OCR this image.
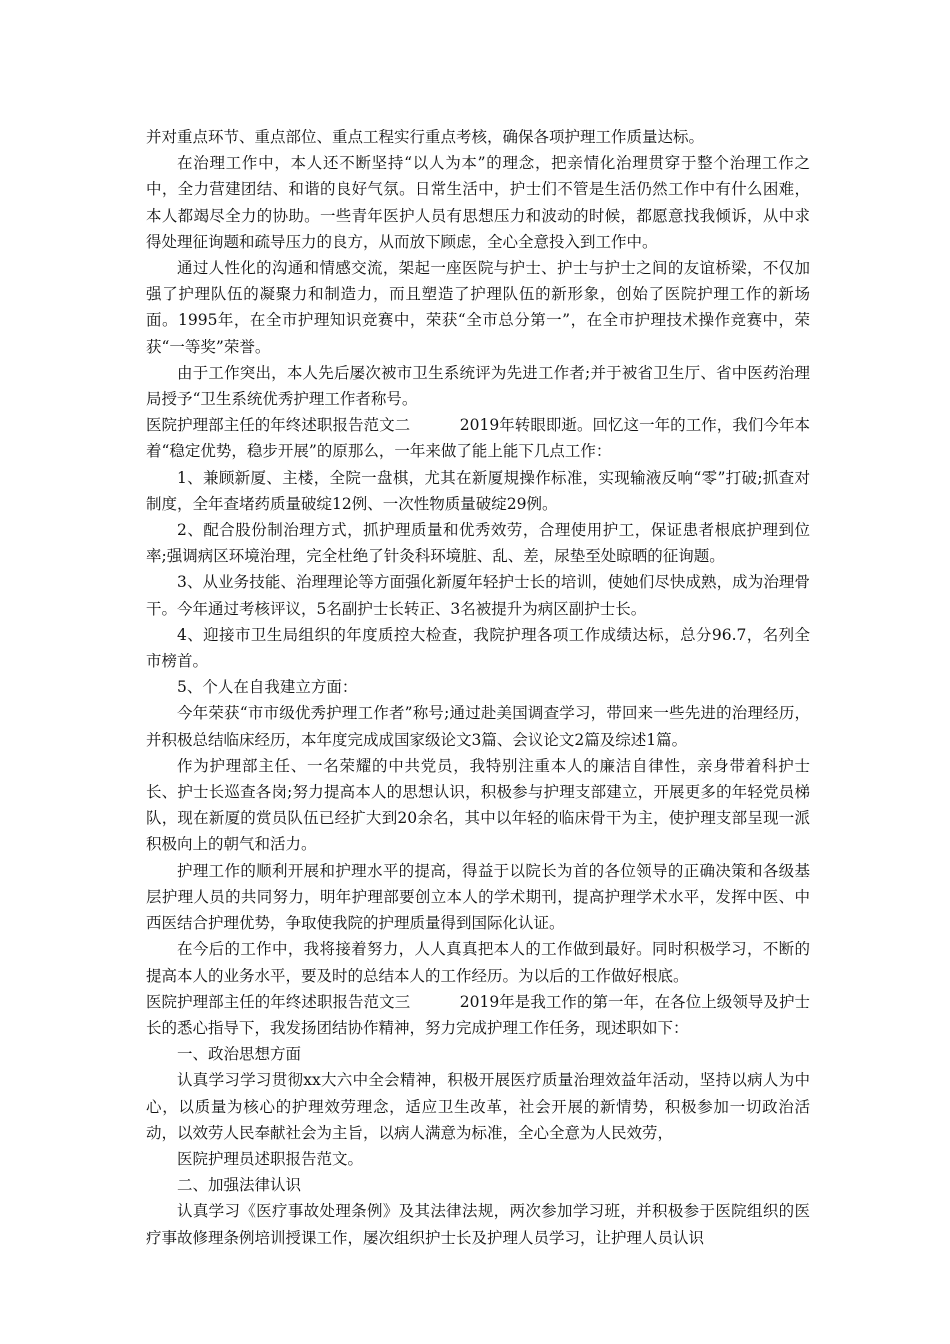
并对重点环节、重点部位、重点工程实行重点考核，确保各项护理工作质量达标。

在治理工作中，本人还不断坚持“以人为本”的理念，把亲情化治理贯穿于整个治理工作之中，全力营建团结、和谐的良好气氛。日常生活中，护士们不管是生活仍然工作中有什么困难，本人都竭尽全力的协助。一些青年医护人员有思想压力和波动的时候，都愿意找我倾诉，从中求得处理征询题和疏导压力的良方，从而放下顾虑，全心全意投入到工作中。

通过人性化的沟通和情感交流，架起一座医院与护士、护士与护士之间的友谊桥梁，不仅加强了护理队伍的凝聚力和制造力，而且塑造了护理队伍的新形象，创始了医院护理工作的新场面。1995年，在全市护理知识竞赛中，荣获“全市总分第一”，在全市护理技术操作竞赛中，荣获“一等奖”荣誉。

由于工作突出，本人先后屡次被市卫生系统评为先进工作者;并于被省卫生厅、省中医药治理局授予“卫生系统优秀护理工作者称号。

医院护理部主任的年终述职报告范文二	2019年转眼即逝。回忆这一年的工作，我们今年本着“稳定优势，稳步开展”的原那么，一年来做了能上能下几点工作：

1、兼顾新厦、主楼，全院一盘棋，尤其在新厦規操作标准，实现输液反响“零”打破;抓查对制度，全年查堵药质量破绽12例、一次性物质量破绽29例。

2、配合股份制治理方式，抓护理质量和优秀效劳，合理使用护工，保证患者根底护理到位率;强调病区环境治理，完全杜绝了针灸科环境脏、乱、差，尿垫至处晾晒的征询题。

3、从业务技能、治理理论等方面强化新厦年轻护士长的培训，使她们尽快成熟，成为治理骨干。今年通过考核评议，5名副护士长转正、3名被提升为病区副护士长。

4、迎接市卫生局组织的年度质控大检查，我院护理各项工作成绩达标，总分96.7，名列全市榜首。

5、个人在自我建立方面：

今年荣获“市市级优秀护理工作者”称号;通过赴美国调查学习，带回来一些先进的治理经历，并积极总结临床经历，本年度完成成国家级论文3篇、会议论文2篇及综述1篇。

作为护理部主任、一名荣耀的中共党员，我特别注重本人的廉洁自律性，亲身带着科护士长、护士长巡查各岗;努力提高本人的思想认识，积极参与护理支部建立，开展更多的年轻党员梯队，现在新厦的赏员队伍已经扩大到20余名，其中以年轻的临床骨干为主，使护理支部呈现一派积极向上的朝气和活力。

护理工作的顺利开展和护理水平的提高，得益于以院长为首的各位领导的正确决策和各级基层护理人员的共同努力，明年护理部要创立本人的学术期刊，提高护理学术水平，发挥中医、中西医结合护理优势，争取使我院的护理质量得到国际化认证。

在今后的工作中，我将接着努力，人人真真把本人的工作做到最好。同时积极学习，不断的提高本人的业务水平，要及时的总结本人的工作经历。为以后的工作做好根底。

医院护理部主任的年终述职报告范文三	2019年是我工作的第一年，在各位上级领导及护士长的悉心指导下，我发扬团结协作精神，努力完成护理工作任务，现述职如下：

一、政治思想方面

认真学习学习贯彻xx大六中全会精神，积极开展医疗质量治理效益年活动，坚持以病人为中心，以质量为核心的护理效劳理念，适应卫生改革，社会开展的新情势，积极参加一切政治活动，以效劳人民奉献社会为主旨，以病人满意为标准，全心全意为人民效劳，

医院护理员述职报告范文。

二、加强法律认识

认真学习《医疗事故处理条例》及其法律法规，两次参加学习班，并积极参于医院组织的医疗事故修理条例培训授课工作，屡次组织护士长及护理人员学习，让护理人员认识
